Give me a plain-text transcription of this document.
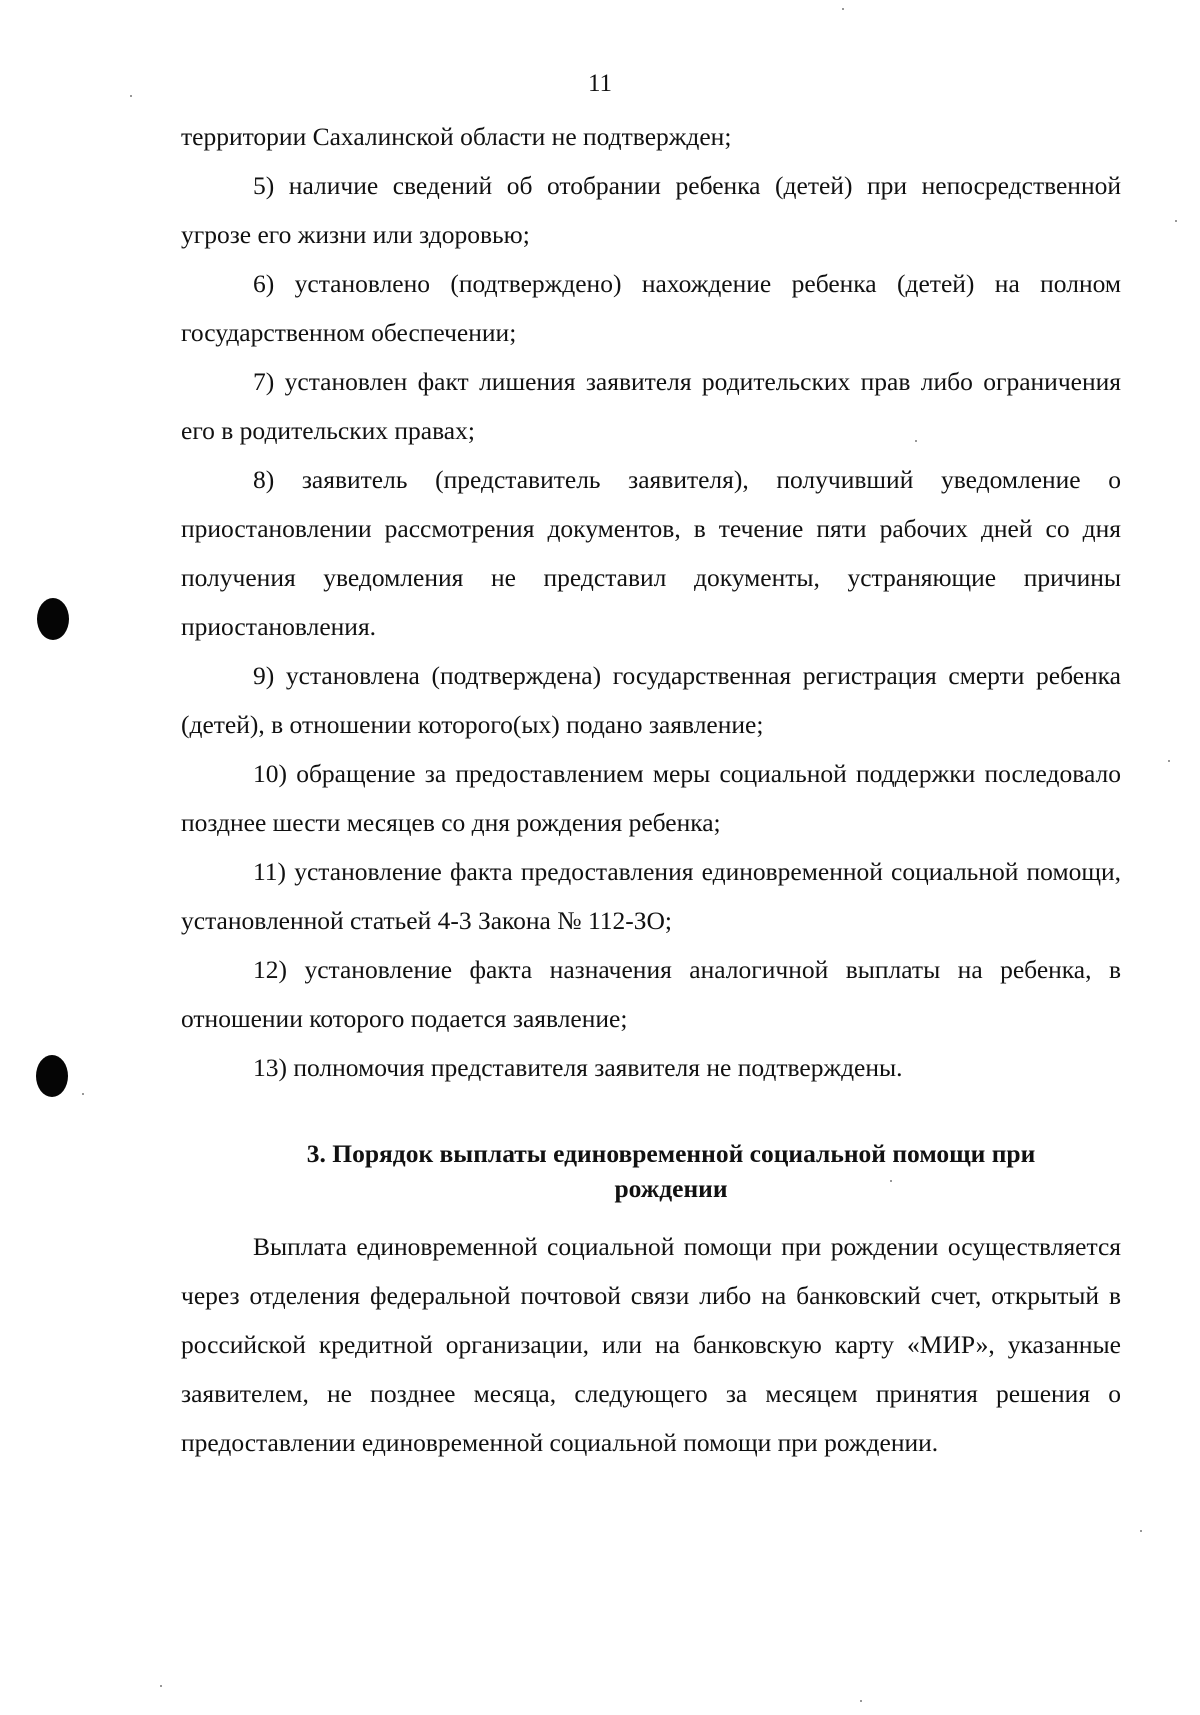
11

территории Сахалинской области не подтвержден;

5) наличие сведений об отобрании ребенка (детей) при непосредственной угрозе его жизни или здоровью;

6) установлено (подтверждено) нахождение ребенка (детей) на полном государственном обеспечении;

7) установлен факт лишения заявителя родительских прав либо ограничения его в родительских правах;

8) заявитель (представитель заявителя), получивший уведомление о приостановлении рассмотрения документов, в течение пяти рабочих дней со дня получения уведомления не представил документы, устраняющие причины приостановления.

9) установлена (подтверждена) государственная регистрация смерти ребенка (детей), в отношении которого(ых) подано заявление;

10) обращение за предоставлением меры социальной поддержки последовало позднее шести месяцев со дня рождения ребенка;

11) установление факта предоставления единовременной социальной помощи, установленной статьей 4-3 Закона № 112-ЗО;

12) установление факта назначения аналогичной выплаты на ребенка, в отношении которого подается заявление;

13) полномочия представителя заявителя не подтверждены.

3. Порядок выплаты единовременной социальной помощи при
рождении

Выплата единовременной социальной помощи при рождении осуществляется через отделения федеральной почтовой связи либо на банковский счет, открытый в российской кредитной организации, или на банковскую карту «МИР», указанные заявителем, не позднее месяца, следующего за месяцем принятия решения о предоставлении единовременной социальной помощи при рождении.
